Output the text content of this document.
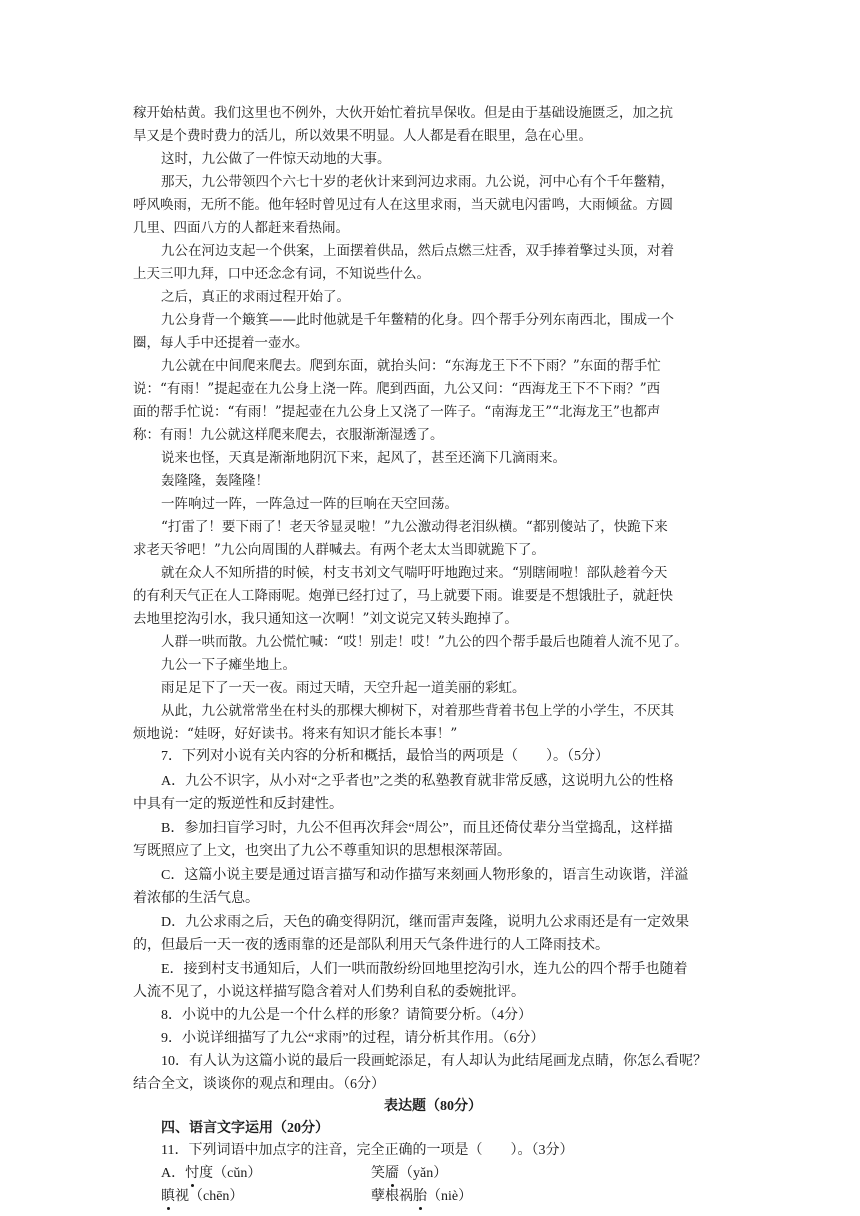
稼开始枯黄。我们这里也不例外，大伙开始忙着抗旱保收。但是由于基础设施匮乏，加之抗
旱又是个费时费力的活儿，所以效果不明显。人人都是看在眼里，急在心里。
这时，九公做了一件惊天动地的大事。
那天，九公带领四个六七十岁的老伙计来到河边求雨。九公说，河中心有个千年鳖精，
呼风唤雨，无所不能。他年轻时曾见过有人在这里求雨，当天就电闪雷鸣，大雨倾盆。方圆
几里、四面八方的人都赶来看热闹。
九公在河边支起一个供案，上面摆着供品，然后点燃三炷香，双手捧着擎过头顶，对着
上天三叩九拜，口中还念念有词，不知说些什么。
之后，真正的求雨过程开始了。
九公身背一个簸箕——此时他就是千年鳖精的化身。四个帮手分列东南西北，围成一个
圈，每人手中还提着一壶水。
九公就在中间爬来爬去。爬到东面，就抬头问：“东海龙王下不下雨？”东面的帮手忙
说：“有雨！”提起壶在九公身上浇一阵。爬到西面，九公又问：“西海龙王下不下雨？”西
面的帮手忙说：“有雨！”提起壶在九公身上又浇了一阵子。“南海龙王”“北海龙王”也都声
称：有雨！九公就这样爬来爬去，衣服渐渐湿透了。
说来也怪，天真是渐渐地阴沉下来，起风了，甚至还滴下几滴雨来。
轰隆隆，轰隆隆！
一阵响过一阵，一阵急过一阵的巨响在天空回荡。
“打雷了！要下雨了！老天爷显灵啦！”九公激动得老泪纵横。“都别傻站了，快跪下来
求老天爷吧！”九公向周围的人群喊去。有两个老太太当即就跪下了。
就在众人不知所措的时候，村支书刘文气喘吁吁地跑过来。“别瞎闹啦！部队趁着今天
的有利天气正在人工降雨呢。炮弹已经打过了，马上就要下雨。谁要是不想饿肚子，就赶快
去地里挖沟引水，我只通知这一次啊！”刘文说完又转头跑掉了。
人群一哄而散。九公慌忙喊：“哎！别走！哎！”九公的四个帮手最后也随着人流不见了。
九公一下子瘫坐地上。
雨足足下了一天一夜。雨过天晴，天空升起一道美丽的彩虹。
从此，九公就常常坐在村头的那棵大柳树下，对着那些背着书包上学的小学生，不厌其
烦地说：“娃呀，好好读书。将来有知识才能长本事！”
7．下列对小说有关内容的分析和概括，最恰当的两项是（　　）。（5分）
A．九公不识字，从小对“之乎者也”之类的私塾教育就非常反感，这说明九公的性格
中具有一定的叛逆性和反封建性。
B．参加扫盲学习时，九公不但再次拜会“周公”，而且还倚仗辈分当堂捣乱，这样描
写既照应了上文，也突出了九公不尊重知识的思想根深蒂固。
C．这篇小说主要是通过语言描写和动作描写来刻画人物形象的，语言生动诙谐，洋溢
着浓郁的生活气息。
D．九公求雨之后，天色的确变得阴沉，继而雷声轰隆，说明九公求雨还是有一定效果
的，但最后一天一夜的透雨靠的还是部队利用天气条件进行的人工降雨技术。
E．接到村支书通知后，人们一哄而散纷纷回地里挖沟引水，连九公的四个帮手也随着
人流不见了，小说这样描写隐含着对人们势利自私的委婉批评。
8．小说中的九公是一个什么样的形象？请简要分析。（4分）
9．小说详细描写了九公“求雨”的过程，请分析其作用。（6分）
10．有人认为这篇小说的最后一段画蛇添足，有人却认为此结尾画龙点睛，你怎么看呢？
结合全文，谈谈你的观点和理由。（6分）
表达题（80分）
四、语言文字运用（20分）
11．下列词语中加点字的注音，完全正确的一项是（　　）。（3分）
A．忖度（cǔn）	笑靥（yǎn）
瞋视（chēn）	孽根祸胎（niè）
